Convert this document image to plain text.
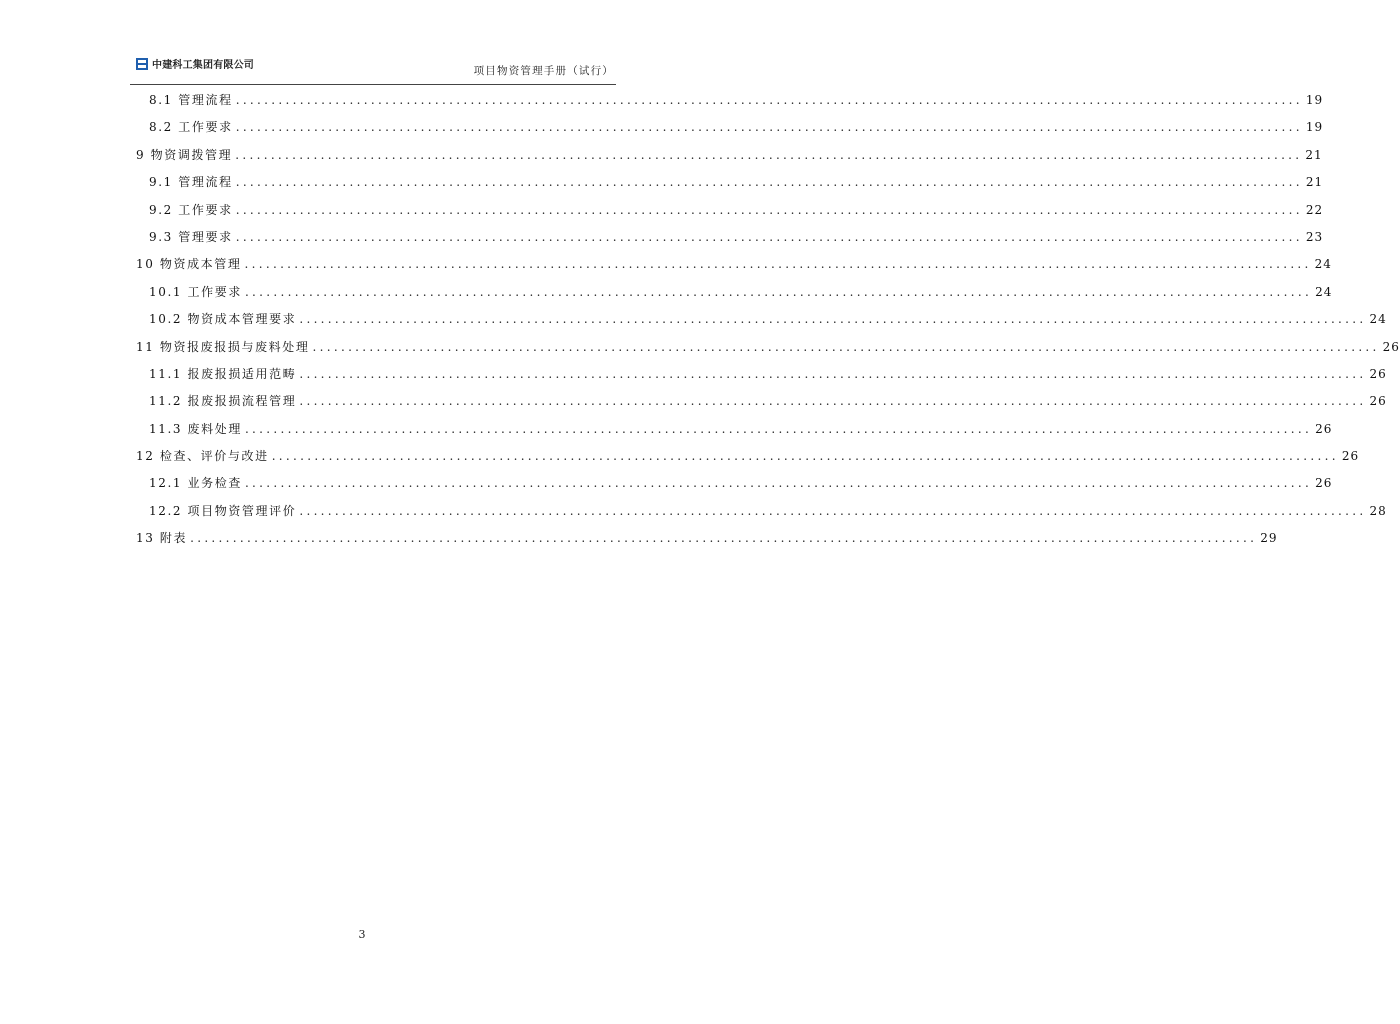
中建科工集团有限公司	项目物资管理手册（试行）
8.1 管理流程 ...................................................................................................................................................... 19
8.2 工作要求 ...................................................................................................................................................... 19
9 物资调拨管理 ...................................................................................................................................................... 21
9.1 管理流程 ...................................................................................................................................................... 21
9.2 工作要求 ...................................................................................................................................................... 22
9.3 管理要求 ...................................................................................................................................................... 23
10 物资成本管理 ...................................................................................................................................................... 24
10.1 工作要求 ...................................................................................................................................................... 24
10.2 物资成本管理要求 ...................................................................................................................................................... 24
11 物资报废报损与废料处理 ...................................................................................................................................................... 26
11.1 报废报损适用范畴 ...................................................................................................................................................... 26
11.2 报废报损流程管理 ...................................................................................................................................................... 26
11.3 废料处理 ...................................................................................................................................................... 26
12 检查、评价与改进 ...................................................................................................................................................... 26
12.1 业务检查 ...................................................................................................................................................... 26
12.2 项目物资管理评价 ...................................................................................................................................................... 28
13 附表 ...................................................................................................................................................... 29
3
